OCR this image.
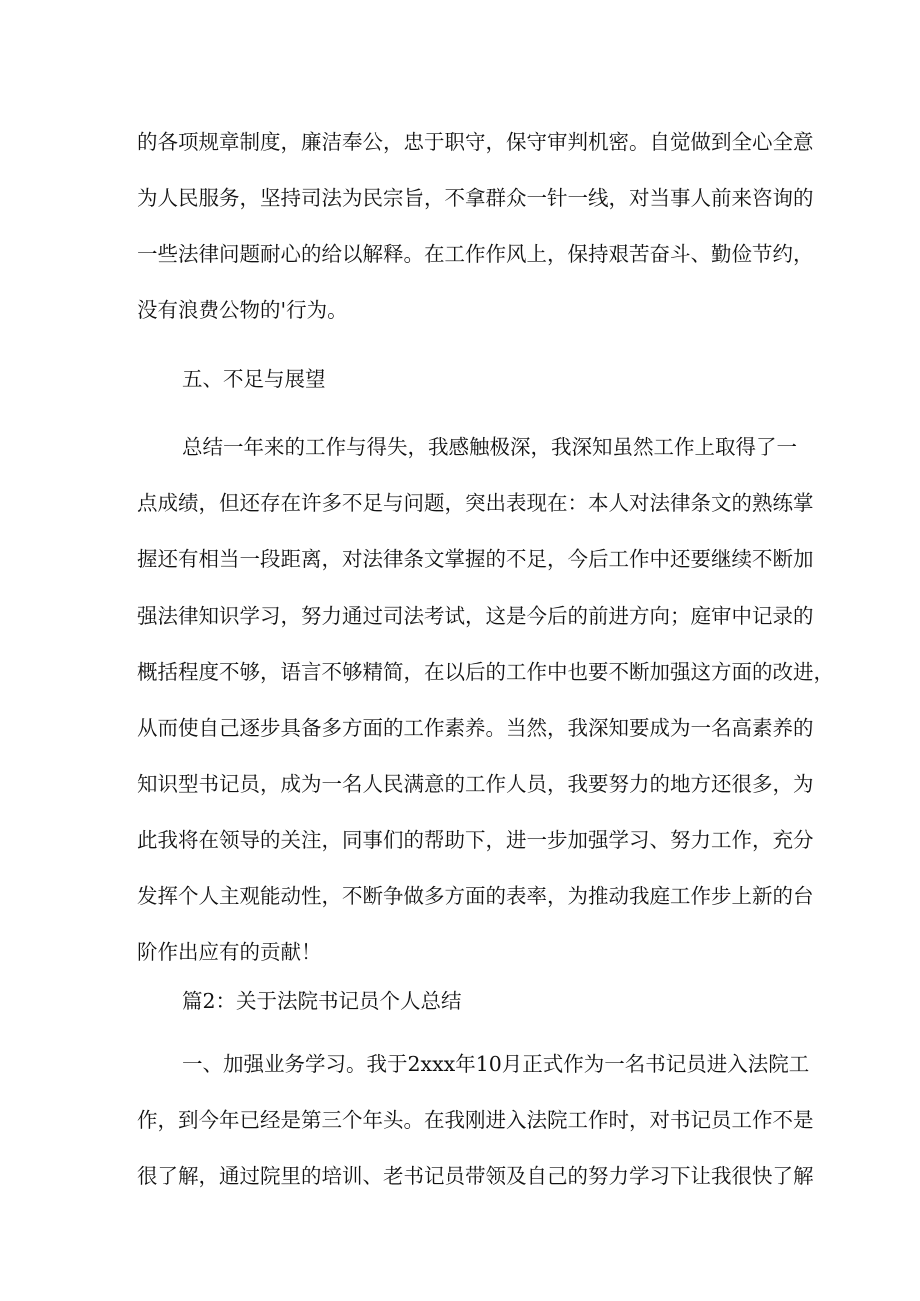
的各项规章制度，廉洁奉公，忠于职守，保守审判机密。自觉做到全心全意
为人民服务，坚持司法为民宗旨，不拿群众一针一线，对当事人前来咨询的
一些法律问题耐心的给以解释。在工作作风上，保持艰苦奋斗、勤俭节约，
没有浪费公物的'行为。
五、不足与展望
总结一年来的工作与得失，我感触极深，我深知虽然工作上取得了一
点成绩，但还存在许多不足与问题，突出表现在：本人对法律条文的熟练掌
握还有相当一段距离，对法律条文掌握的不足，今后工作中还要继续不断加
强法律知识学习，努力通过司法考试，这是今后的前进方向；庭审中记录的
概括程度不够，语言不够精简，在以后的工作中也要不断加强这方面的改进，
从而使自己逐步具备多方面的工作素养。当然，我深知要成为一名高素养的
知识型书记员，成为一名人民满意的工作人员，我要努力的地方还很多，为
此我将在领导的关注，同事们的帮助下，进一步加强学习、努力工作，充分
发挥个人主观能动性，不断争做多方面的表率，为推动我庭工作步上新的台
阶作出应有的贡献！
篇2：关于法院书记员个人总结
一、加强业务学习。我于2xxx年10月正式作为一名书记员进入法院工
作，到今年已经是第三个年头。在我刚进入法院工作时，对书记员工作不是
很了解，通过院里的培训、老书记员带领及自己的努力学习下让我很快了解
